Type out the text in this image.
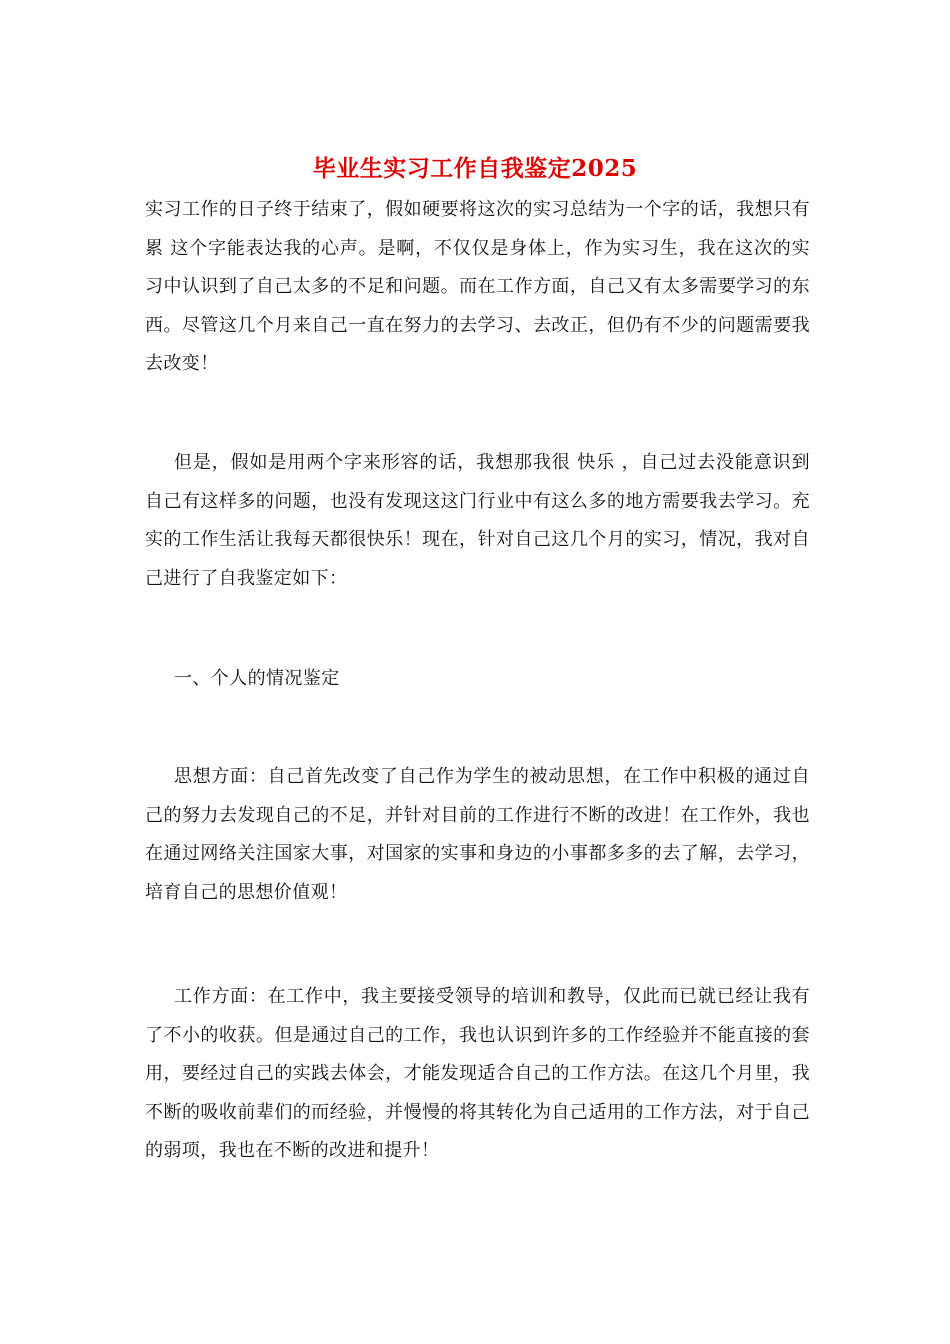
毕业生实习工作自我鉴定2025

实习工作的日子终于结束了，假如硬要将这次的实习总结为一个字的话，我想只有 累 这个字能表达我的心声。是啊，不仅仅是身体上，作为实习生，我在这次的实习中认识到了自己太多的不足和问题。而在工作方面，自己又有太多需要学习的东西。尽管这几个月来自己一直在努力的去学习、去改正，但仍有不少的问题需要我去改变！

但是，假如是用两个字来形容的话，我想那我很 快乐 ，自己过去没能意识到自己有这样多的问题，也没有发现这这门行业中有这么多的地方需要我去学习。充实的工作生活让我每天都很快乐！现在，针对自己这几个月的实习，情况，我对自己进行了自我鉴定如下：

一、个人的情况鉴定

思想方面：自己首先改变了自己作为学生的被动思想，在工作中积极的通过自己的努力去发现自己的不足，并针对目前的工作进行不断的改进！在工作外，我也在通过网络关注国家大事，对国家的实事和身边的小事都多多的去了解，去学习，培育自己的思想价值观！

工作方面：在工作中，我主要接受领导的培训和教导，仅此而已就已经让我有了不小的收获。但是通过自己的工作，我也认识到许多的工作经验并不能直接的套用，要经过自己的实践去体会，才能发现适合自己的工作方法。在这几个月里，我不断的吸收前辈们的而经验，并慢慢的将其转化为自己适用的工作方法，对于自己的弱项，我也在不断的改进和提升！
